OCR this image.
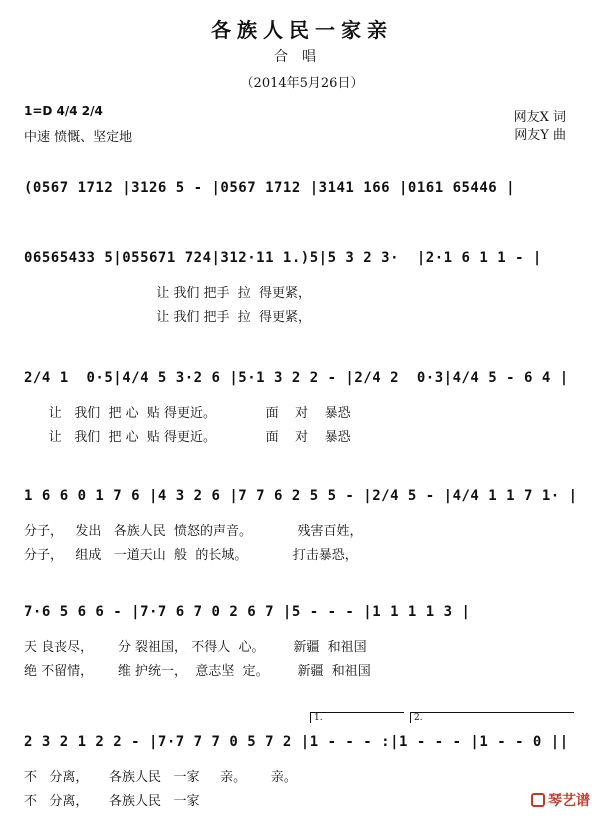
各族人民一家亲
合唱
（2014年5月26日）
1=D 4/4 2/4
中速 愤慨、坚定地
网友X 词
网友Y 曲
(0567 1712 |3126 5 - |0567 1712 |3141 166 |0161 65446 |
06565433 5|055671 724|312·11 1.)5|5 3 2 3·  |2·1 6 1 1 - |
让 我们 把手  拉  得更紧，
让 我们 把手  拉  得更紧，
2/4 1  0·5|4/4 5 3·2 6 |5·1 3 2 2 - |2/4 2  0·3|4/4 5 - 6 4 |
让   我们  把 心  贴 得更近。            面    对    暴恐
让   我们  把 心  贴 得更近。            面    对    暴恐
1 6 6 0 1 7 6 |4 3 2 6 |7 7 6 2 5 5 - |2/4 5 - |4/4 1 1 7 1· |
分子，   发出   各族人民  愤怒的声音。           残害百姓，
分子，   组成   一道天山  般  的长城。           打击暴恐，
7·6 5 6 6 - |7·7 6 7 0 2 6 7 |5 - - - |1 1 1 1 3 |
天 良丧尽，      分 裂祖国， 不得人  心。       新疆  和祖国
绝 不留情，      维 护统一，  意志坚  定。       新疆  和祖国
2 3 2 1 2 2 - |7·7 7 7 0 5 7 2 |1 - - - :|1 - - - |1 - - 0 ||
不   分离，     各族人民   一家     亲。      亲。
不   分离，     各族人民   一家
1.	2.
琴艺谱
